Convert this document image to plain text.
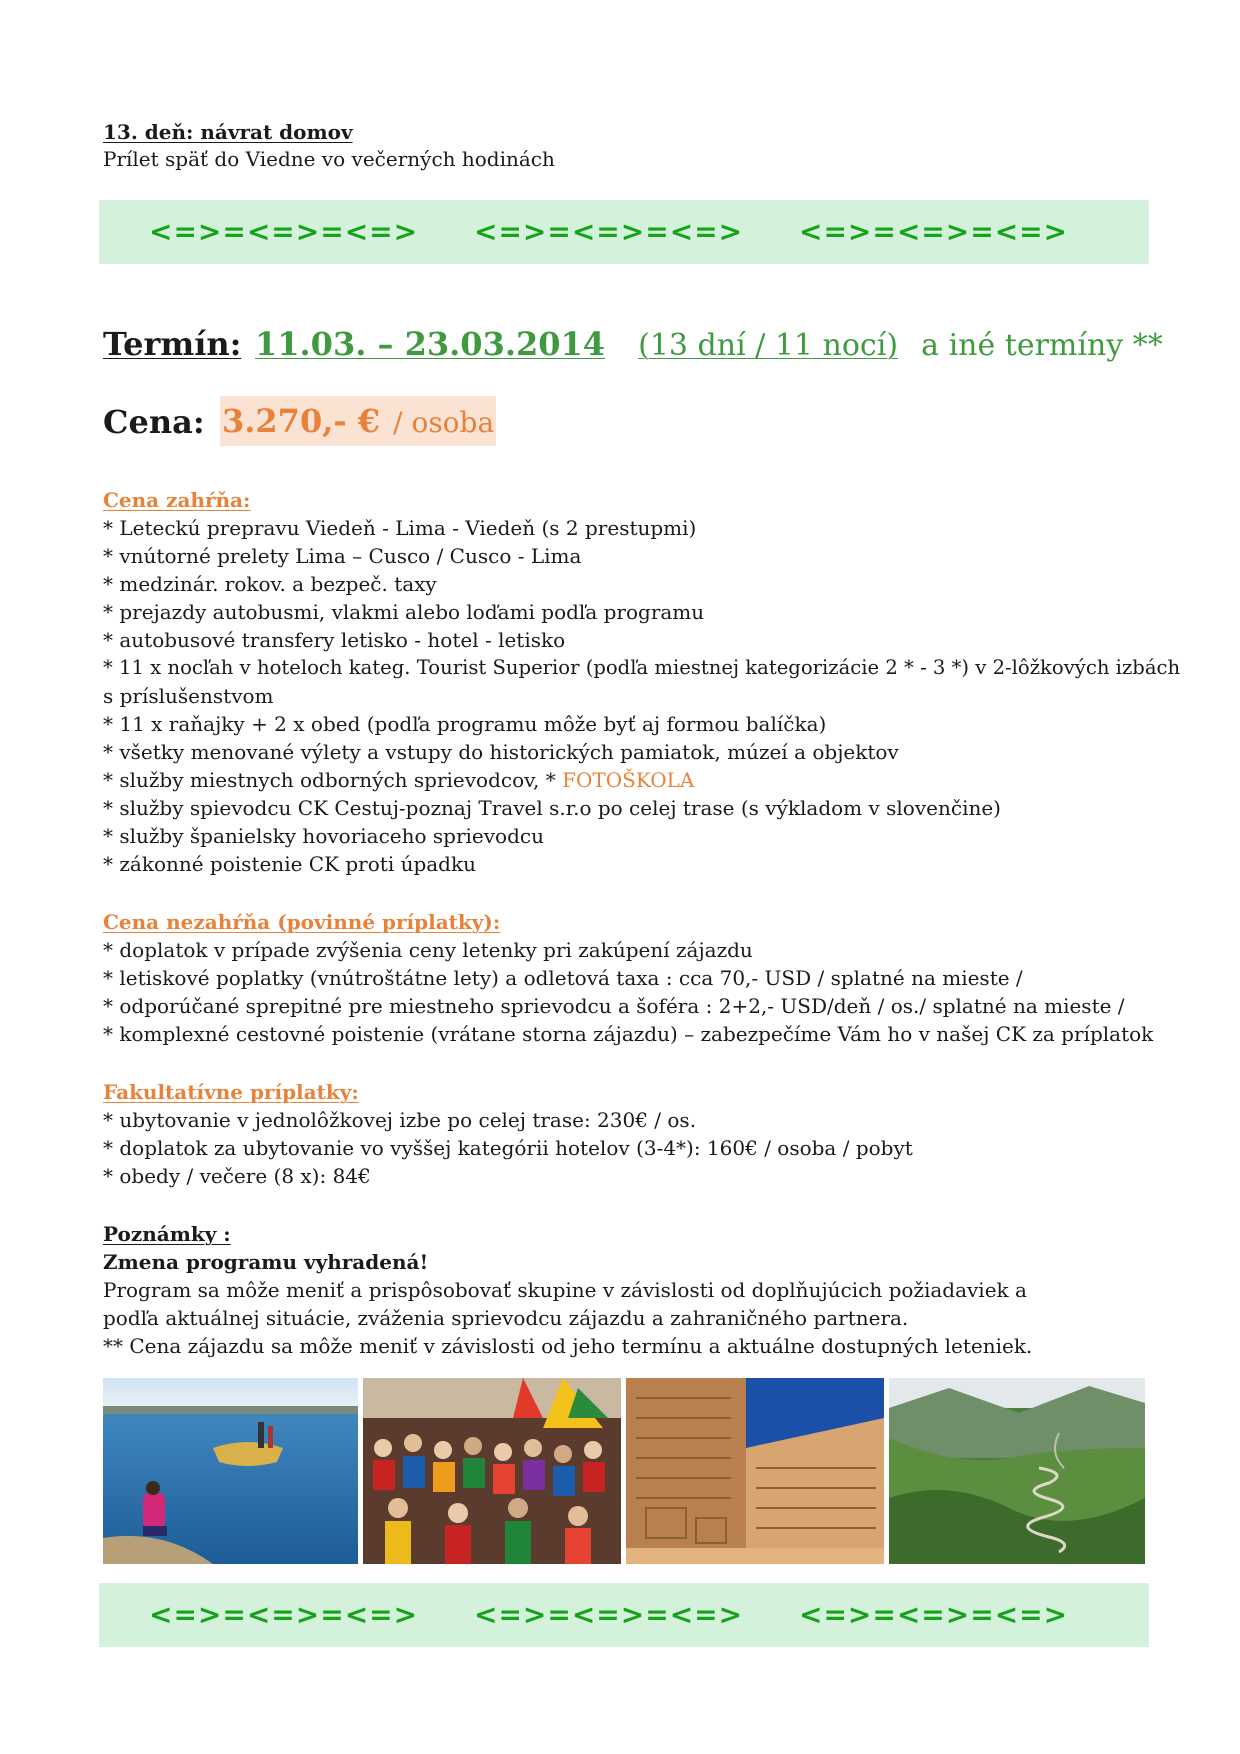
13. deň: návrat domov
Prílet späť do Viedne vo večerných hodinách
<=>=<=>=<=> <=>=<=>=<=> <=>=<=>=<=>
Termín: 11.03. – 23.03.2014 (13 dní / 11 nocí) a iné termíny **
Cena: 3.270,- € / osoba
Cena zahŕňa:
* Leteckú prepravu Viedeň - Lima - Viedeň (s 2 prestupmi)
* vnútorné prelety Lima – Cusco / Cusco - Lima
* medzinár. rokov. a bezpeč. taxy
* prejazdy autobusmi, vlakmi alebo loďami podľa programu
* autobusové transfery letisko - hotel - letisko
* 11 x nocľah v hoteloch kateg. Tourist Superior (podľa miestnej kategorizácie 2 * - 3 *) v 2-lôžkových izbách
s príslušenstvom
* 11 x raňajky + 2 x obed (podľa programu môže byť aj formou balíčka)
* všetky menované výlety a vstupy do historických pamiatok, múzeí a objektov
* služby miestnych odborných sprievodcov, * FOTOŠKOLA
* služby spievodcu CK Cestuj-poznaj Travel s.r.o po celej trase (s výkladom v slovenčine)
* služby španielsky hovoriaceho sprievodcu
* zákonné poistenie CK proti úpadku
Cena nezahŕňa (povinné príplatky):
* doplatok v prípade zvýšenia ceny letenky pri zakúpení zájazdu
* letiskové poplatky (vnútroštátne lety) a odletová taxa : cca 70,- USD / splatné na mieste /
* odporúčané sprepitné pre miestneho sprievodcu a šoféra : 2+2,- USD/deň / os./ splatné na mieste /
* komplexné cestovné poistenie (vrátane storna zájazdu) – zabezpečíme Vám ho v našej CK za príplatok
Fakultatívne príplatky:
* ubytovanie v jednolôžkovej izbe po celej trase: 230€ / os.
* doplatok za ubytovanie vo vyššej kategórii hotelov (3-4*): 160€ / osoba / pobyt
* obedy / večere (8 x): 84€
Poznámky :
Zmena programu vyhradená!
Program sa môže meniť a prispôsobovať skupine v závislosti od doplňujúcich požiadaviek a
podľa aktuálnej situácie, zváženia sprievodcu zájazdu a zahraničného partnera.
** Cena zájazdu sa môže meniť v závislosti od jeho termínu a aktuálne dostupných leteniek.
<=>=<=>=<=> <=>=<=>=<=> <=>=<=>=<=>
